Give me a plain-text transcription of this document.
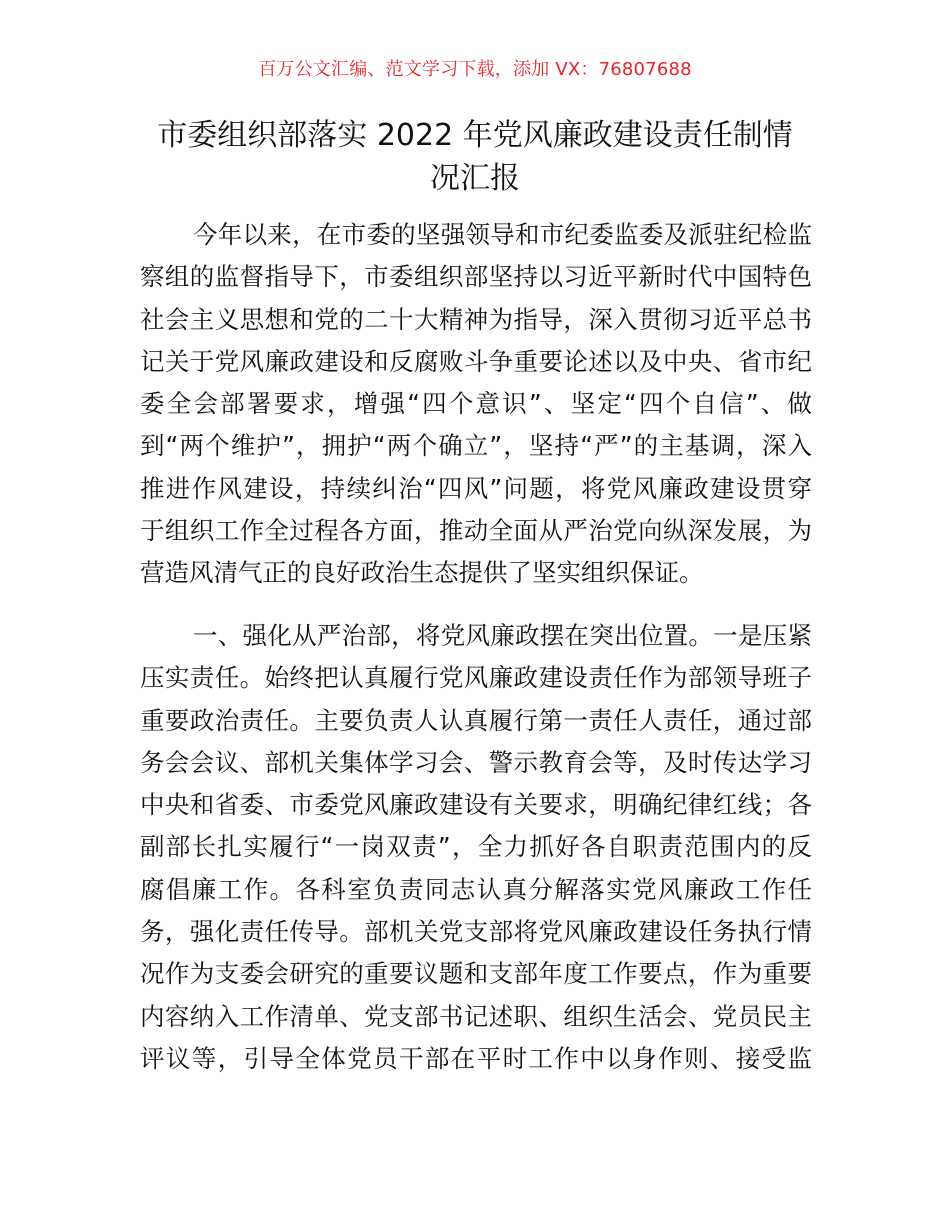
百万公文汇编、范文学习下载，添加 VX：76807688
市委组织部落实 2022 年党风廉政建设责任制情
况汇报
今年以来，在市委的坚强领导和市纪委监委及派驻纪检监
察组的监督指导下，市委组织部坚持以习近平新时代中国特色
社会主义思想和党的二十大精神为指导，深入贯彻习近平总书
记关于党风廉政建设和反腐败斗争重要论述以及中央、省市纪
委全会部署要求，增强“四个意识”、坚定“四个自信”、做
到“两个维护”，拥护“两个确立”，坚持“严”的主基调，深入
推进作风建设，持续纠治“四风”问题，将党风廉政建设贯穿
于组织工作全过程各方面，推动全面从严治党向纵深发展，为
营造风清气正的良好政治生态提供了坚实组织保证。
一、强化从严治部，将党风廉政摆在突出位置。一是压紧
压实责任。始终把认真履行党风廉政建设责任作为部领导班子
重要政治责任。主要负责人认真履行第一责任人责任，通过部
务会会议、部机关集体学习会、警示教育会等，及时传达学习
中央和省委、市委党风廉政建设有关要求，明确纪律红线；各
副部长扎实履行“一岗双责”，全力抓好各自职责范围内的反
腐倡廉工作。各科室负责同志认真分解落实党风廉政工作任
务，强化责任传导。部机关党支部将党风廉政建设任务执行情
况作为支委会研究的重要议题和支部年度工作要点，作为重要
内容纳入工作清单、党支部书记述职、组织生活会、党员民主
评议等，引导全体党员干部在平时工作中以身作则、接受监
